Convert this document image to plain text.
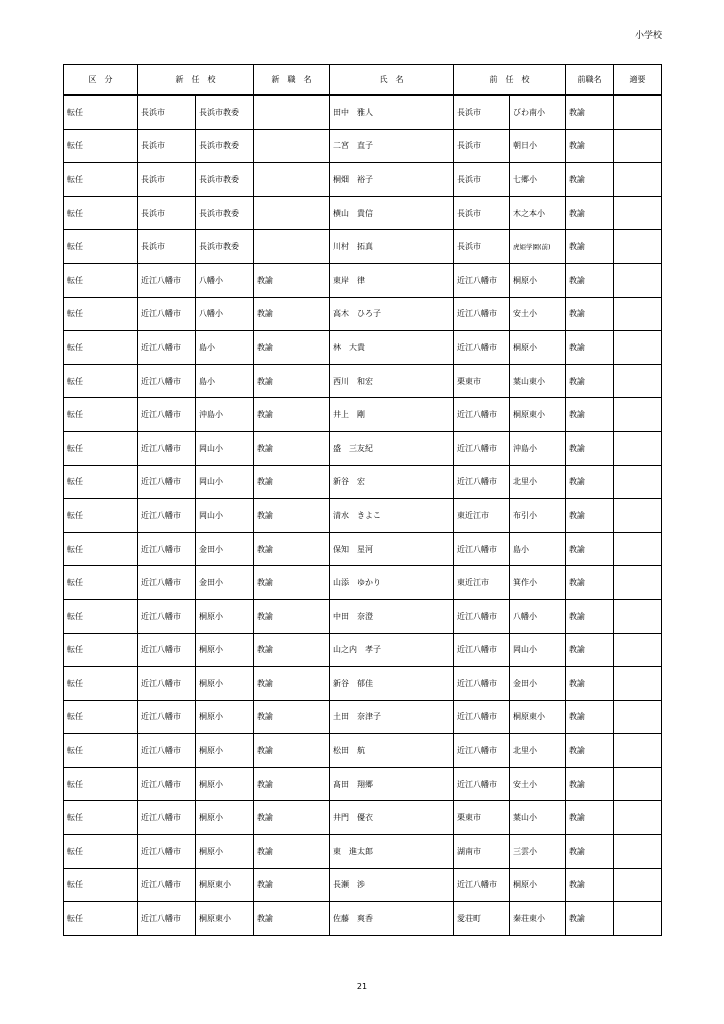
小学校
区　分	新　任　校		新　職　名	氏　名	前　任　校		前職名	適要
転任	長浜市	長浜市教委		田中　雅人	長浜市	びわ南小	教諭	
転任	長浜市	長浜市教委		二宮　直子	長浜市	朝日小	教諭	
転任	長浜市	長浜市教委		桐畑　裕子	長浜市	七郷小	教諭	
転任	長浜市	長浜市教委		横山　貴信	長浜市	木之本小	教諭	
転任	長浜市	長浜市教委		川村　拓真	長浜市	虎姫学園(前)	教諭	
転任	近江八幡市	八幡小	教諭	東岸　律	近江八幡市	桐原小	教諭	
転任	近江八幡市	八幡小	教諭	高木　ひろ子	近江八幡市	安土小	教諭	
転任	近江八幡市	島小	教諭	林　大貴	近江八幡市	桐原小	教諭	
転任	近江八幡市	島小	教諭	西川　和宏	栗東市	葉山東小	教諭	
転任	近江八幡市	沖島小	教諭	井上　剛	近江八幡市	桐原東小	教諭	
転任	近江八幡市	岡山小	教諭	盛　三友紀	近江八幡市	沖島小	教諭	
転任	近江八幡市	岡山小	教諭	新谷　宏	近江八幡市	北里小	教諭	
転任	近江八幡市	岡山小	教諭	清水　きよこ	東近江市	布引小	教諭	
転任	近江八幡市	金田小	教諭	保知　星河	近江八幡市	島小	教諭	
転任	近江八幡市	金田小	教諭	山添　ゆかり	東近江市	箕作小	教諭	
転任	近江八幡市	桐原小	教諭	中田　奈澄	近江八幡市	八幡小	教諭	
転任	近江八幡市	桐原小	教諭	山之内　孝子	近江八幡市	岡山小	教諭	
転任	近江八幡市	桐原小	教諭	新谷　郁佳	近江八幡市	金田小	教諭	
転任	近江八幡市	桐原小	教諭	土田　奈津子	近江八幡市	桐原東小	教諭	
転任	近江八幡市	桐原小	教諭	松田　航	近江八幡市	北里小	教諭	
転任	近江八幡市	桐原小	教諭	髙田　翔郷	近江八幡市	安土小	教諭	
転任	近江八幡市	桐原小	教諭	井門　優衣	栗東市	葉山小	教諭	
転任	近江八幡市	桐原小	教諭	東　進太郎	湖南市	三雲小	教諭	
転任	近江八幡市	桐原東小	教諭	長瀬　渉	近江八幡市	桐原小	教諭	
転任	近江八幡市	桐原東小	教諭	佐藤　爽香	愛荘町	秦荘東小	教諭	
21
